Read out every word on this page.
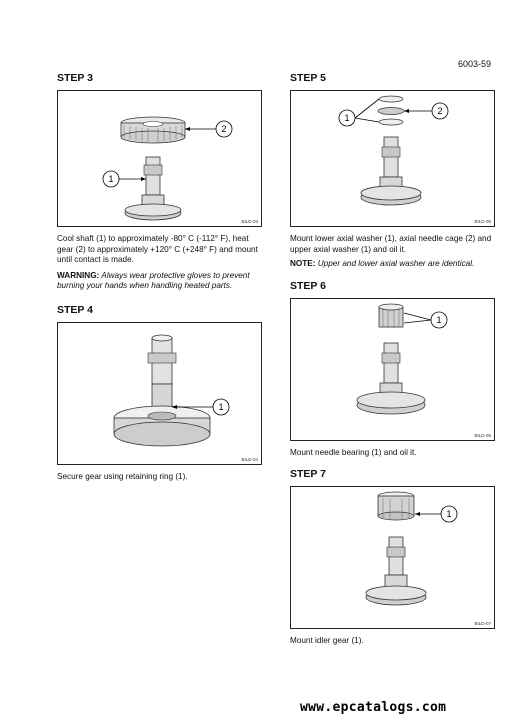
6003-59
STEP 3
2
1
BILD-03

Cool shaft (1) to approximately -80° C (-112° F), heat gear (2) to approximately +120° C (+248° F) and mount until contact is made.

WARNING: Always wear protective gloves to prevent burning your hands when handling heated parts.

STEP 4
1
BILD-04

Secure gear using retaining ring (1).

STEP 5
1
2
BILD-05

Mount lower axial washer (1), axial needle cage (2) and upper axial washer (1) and oil it.

NOTE: Upper and lower axial washer are identical.

STEP 6
1
BILD-06

Mount needle bearing (1) and oil it.

STEP 7
1
BILD-07

Mount idler gear (1).

www.epcatalogs.com
